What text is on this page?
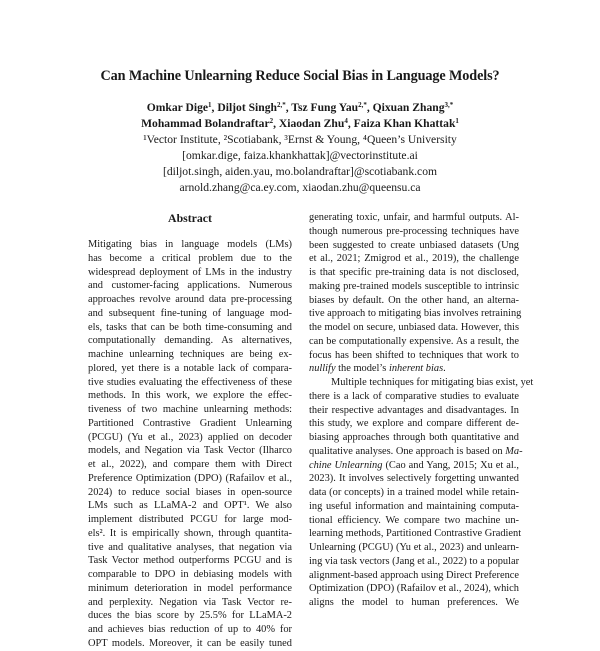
Can Machine Unlearning Reduce Social Bias in Language Models?
Omkar Dige$^1$, Diljot Singh$^{2,*}$, Tsz Fung Yau$^{2,*}$, Qixuan Zhang$^{3,*}$
Mohammad Bolandraftar$^2$, Xiaodan Zhu$^4$, Faiza Khan Khattak$^1$
¹Vector Institute, ²Scotiabank, ³Ernst & Young, ⁴Queen’s University
[omkar.dige, faiza.khankhattak]@vectorinstitute.ai
[diljot.singh, aiden.yau, mo.bolandraftar]@scotiabank.com
arnold.zhang@ca.ey.com, xiaodan.zhu@queensu.ca
Abstract
Mitigating bias in language models (LMs)
has become a critical problem due to the
widespread deployment of LMs in the industry
and customer-facing applications. Numerous
approaches revolve around data pre-processing
and subsequent fine-tuning of language mod-
els, tasks that can be both time-consuming and
computationally demanding. As alternatives,
machine unlearning techniques are being ex-
plored, yet there is a notable lack of compara-
tive studies evaluating the effectiveness of these
methods. In this work, we explore the effec-
tiveness of two machine unlearning methods:
Partitioned Contrastive Gradient Unlearning
(PCGU) (Yu et al., 2023) applied on decoder
models, and Negation via Task Vector (Ilharco
et al., 2022), and compare them with Direct
Preference Optimization (DPO) (Rafailov et al.,
2024) to reduce social biases in open-source
LMs such as LLaMA-2 and OPT¹. We also
implement distributed PCGU for large mod-
els². It is empirically shown, through quantita-
tive and qualitative analyses, that negation via
Task Vector method outperforms PCGU and is
comparable to DPO in debiasing models with
minimum deterioration in model performance
and perplexity. Negation via Task Vector re-
duces the bias score by 25.5% for LLaMA-2
and achieves bias reduction of up to 40% for
OPT models. Moreover, it can be easily tuned
generating toxic, unfair, and harmful outputs. Al-
though numerous pre-processing techniques have
been suggested to create unbiased datasets (Ung
et al., 2021; Zmigrod et al., 2019), the challenge
is that specific pre-training data is not disclosed,
making pre-trained models susceptible to intrinsic
biases by default. On the other hand, an alterna-
tive approach to mitigating bias involves retraining
the model on secure, unbiased data. However, this
can be computationally expensive. As a result, the
focus has been shifted to techniques that work to
nullify the model’s inherent bias.
Multiple techniques for mitigating bias exist, yet
there is a lack of comparative studies to evaluate
their respective advantages and disadvantages. In
this study, we explore and compare different de-
biasing approaches through both quantitative and
qualitative analyses. One approach is based on Ma-
chine Unlearning (Cao and Yang, 2015; Xu et al.,
2023). It involves selectively forgetting unwanted
data (or concepts) in a trained model while retain-
ing useful information and maintaining computa-
tional efficiency. We compare two machine un-
learning methods, Partitioned Contrastive Gradient
Unlearning (PCGU) (Yu et al., 2023) and unlearn-
ing via task vectors (Jang et al., 2022) to a popular
alignment-based approach using Direct Preference
Optimization (DPO) (Rafailov et al., 2024), which
aligns the model to human preferences. We
